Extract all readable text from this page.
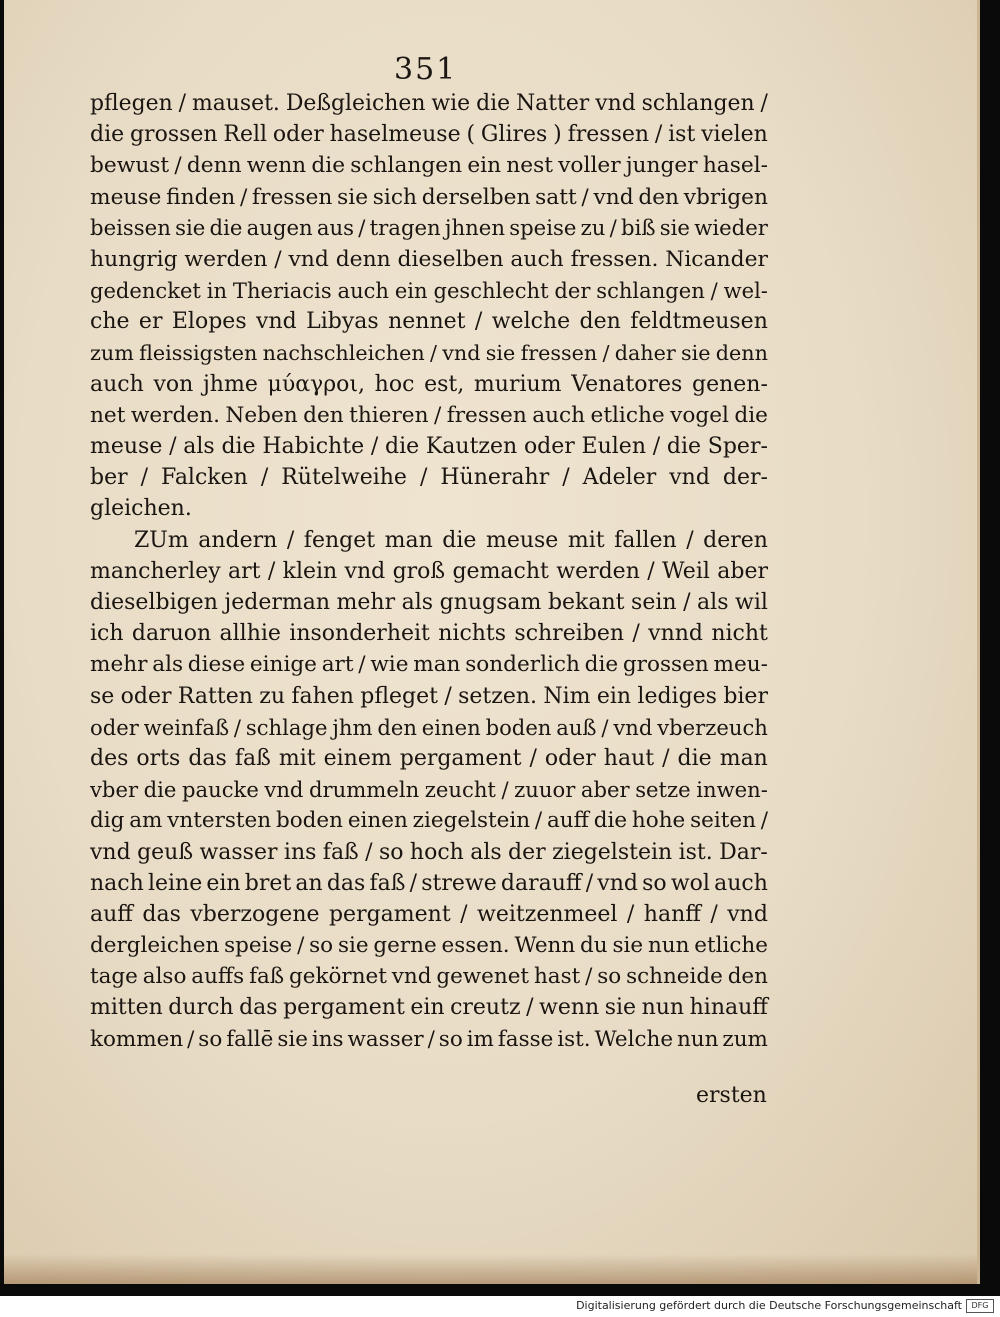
351
pflegen / mauset. Deßgleichen wie die Natter vnd schlangen /
die grossen Rell oder haselmeuse ( Glires ) fressen / ist vielen
bewust / denn wenn die schlangen ein nest voller junger hasel-
meuse finden / fressen sie sich derselben satt / vnd den vbrigen
beissen sie die augen aus / tragen jhnen speise zu / biß sie wieder
hungrig werden / vnd denn dieselben auch fressen. Nicander
gedencket in Theriacis auch ein geschlecht der schlangen / wel-
che er Elopes vnd Libyas nennet / welche den feldtmeusen
zum fleissigsten nachschleichen / vnd sie fressen / daher sie denn
auch von jhme μύαγροι, hoc est, murium Venatores genen-
net werden. Neben den thieren / fressen auch etliche vogel die
meuse / als die Habichte / die Kautzen oder Eulen / die Sper-
ber / Falcken / Rütelweihe / Hünerahr / Adeler vnd der-
gleichen.
ZUm andern / fenget man die meuse mit fallen / deren
mancherley art / klein vnd groß gemacht werden / Weil aber
dieselbigen jederman mehr als gnugsam bekant sein / als wil
ich daruon allhie insonderheit nichts schreiben / vnnd nicht
mehr als diese einige art / wie man sonderlich die grossen meu-
se oder Ratten zu fahen pfleget / setzen. Nim ein lediges bier
oder weinfaß / schlage jhm den einen boden auß / vnd vberzeuch
des orts das faß mit einem pergament / oder haut / die man
vber die paucke vnd drummeln zeucht / zuuor aber setze inwen-
dig am vntersten boden einen ziegelstein / auff die hohe seiten /
vnd geuß wasser ins faß / so hoch als der ziegelstein ist. Dar-
nach leine ein bret an das faß / strewe darauff / vnd so wol auch
auff das vberzogene pergament / weitzenmeel / hanff / vnd
dergleichen speise / so sie gerne essen. Wenn du sie nun etliche
tage also auffs faß gekörnet vnd gewenet hast / so schneide den
mitten durch das pergament ein creutz / wenn sie nun hinauff
kommen / so fallē sie ins wasser / so im fasse ist. Welche nun zum
ersten
Digitalisierung gefördert durch die Deutsche Forschungsgemeinschaft	DFG
